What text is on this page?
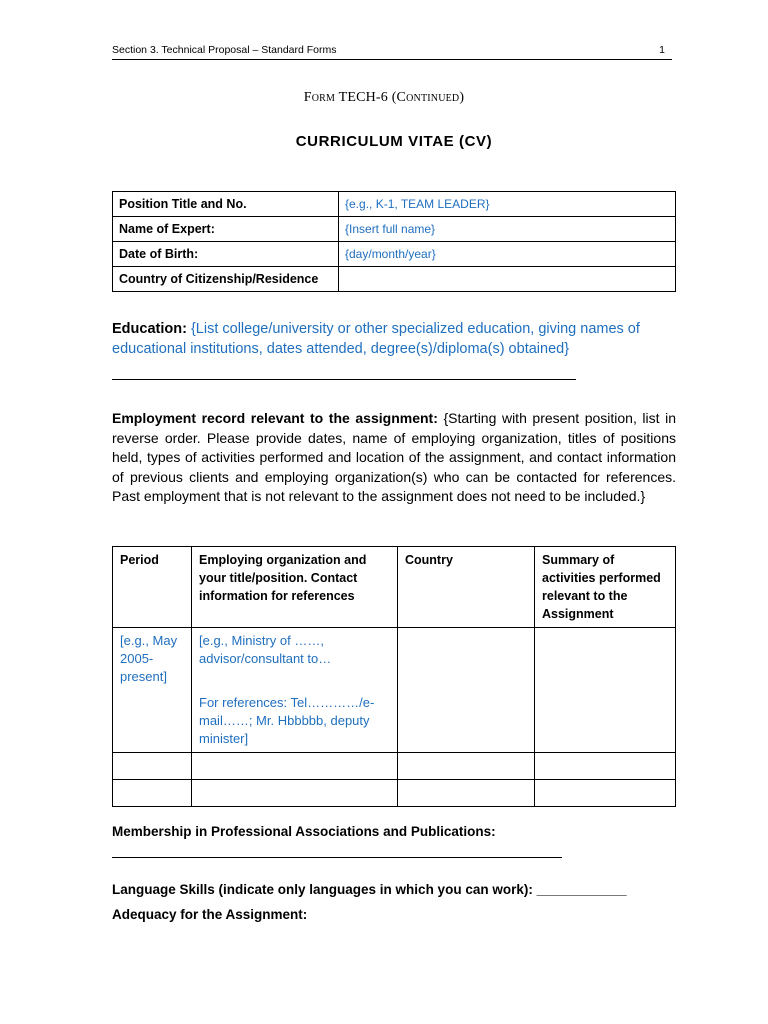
Section 3. Technical Proposal – Standard Forms	1
Form TECH-6 (Continued)
CURRICULUM VITAE (CV)
Position Title and No.	{e.g., K-1, TEAM LEADER}
Name of Expert:	{Insert full name}
Date of Birth:	{day/month/year}
Country of Citizenship/Residence	
Education: {List college/university or other specialized education, giving names of educational institutions, dates attended, degree(s)/diploma(s) obtained}
Employment record relevant to the assignment: {Starting with present position, list in reverse order. Please provide dates, name of employing organization, titles of positions held, types of activities performed and location of the assignment, and contact information of previous clients and employing organization(s) who can be contacted for references. Past employment that is not relevant to the assignment does not need to be included.}
Period	Employing organization and your title/position. Contact information for references	Country	Summary of activities performed relevant to the Assignment
[e.g., May 2005-present]	[e.g., Ministry of ……, advisor/consultant to…
For references: Tel…………/e-mail……; Mr. Hbbbbb, deputy minister]		

Membership in Professional Associations and Publications:
Language Skills (indicate only languages in which you can work): ____________
Adequacy for the Assignment:
